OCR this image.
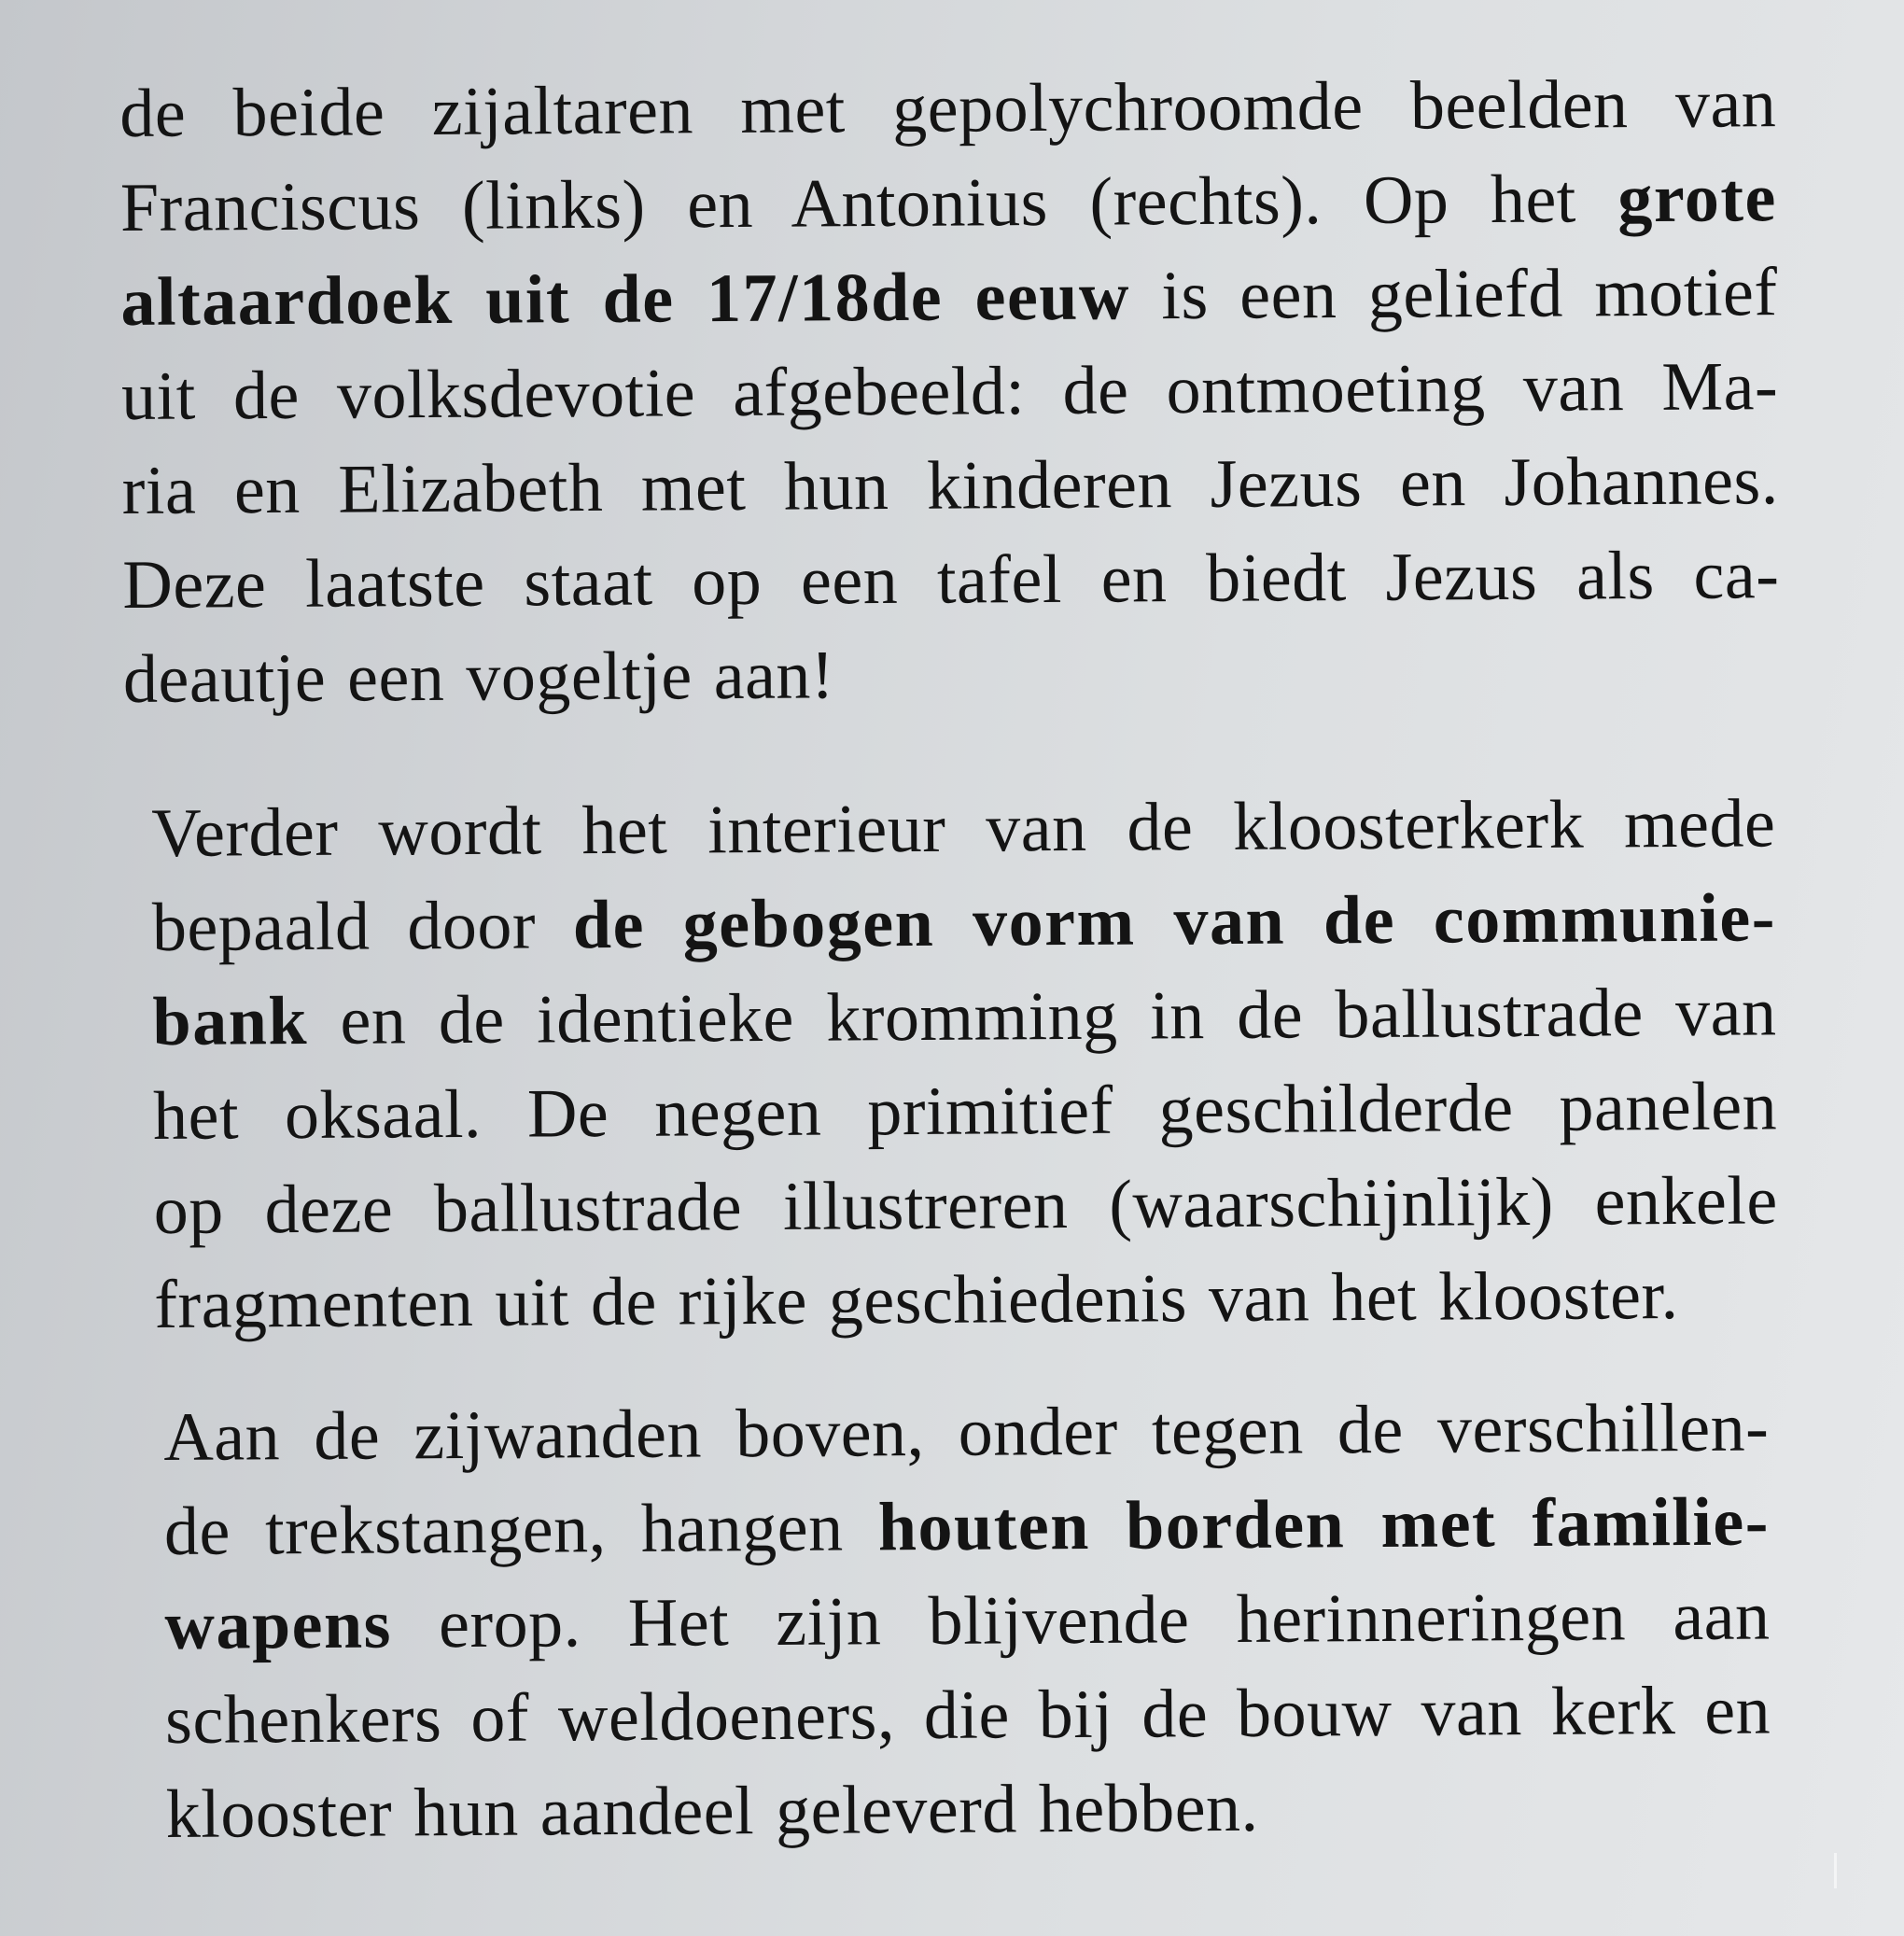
de beide zijaltaren met gepolychroomde beelden van
Franciscus (links) en Antonius (rechts). Op het grote
altaardoek uit de 17/18de eeuw is een geliefd motief
uit de volksdevotie afgebeeld: de ontmoeting van Ma-
ria en Elizabeth met hun kinderen Jezus en Johannes.
Deze laatste staat op een tafel en biedt Jezus als ca-
deautje een vogeltje aan!
Verder wordt het interieur van de kloosterkerk mede
bepaald door de gebogen vorm van de communie-
bank en de identieke kromming in de ballustrade van
het oksaal. De negen primitief geschilderde panelen
op deze ballustrade illustreren (waarschijnlijk) enkele
fragmenten uit de rijke geschiedenis van het klooster.
Aan de zijwanden boven, onder tegen de verschillen-
de trekstangen, hangen houten borden met familie-
wapens erop. Het zijn blijvende herinneringen aan
schenkers of weldoeners, die bij de bouw van kerk en
klooster hun aandeel geleverd hebben.
